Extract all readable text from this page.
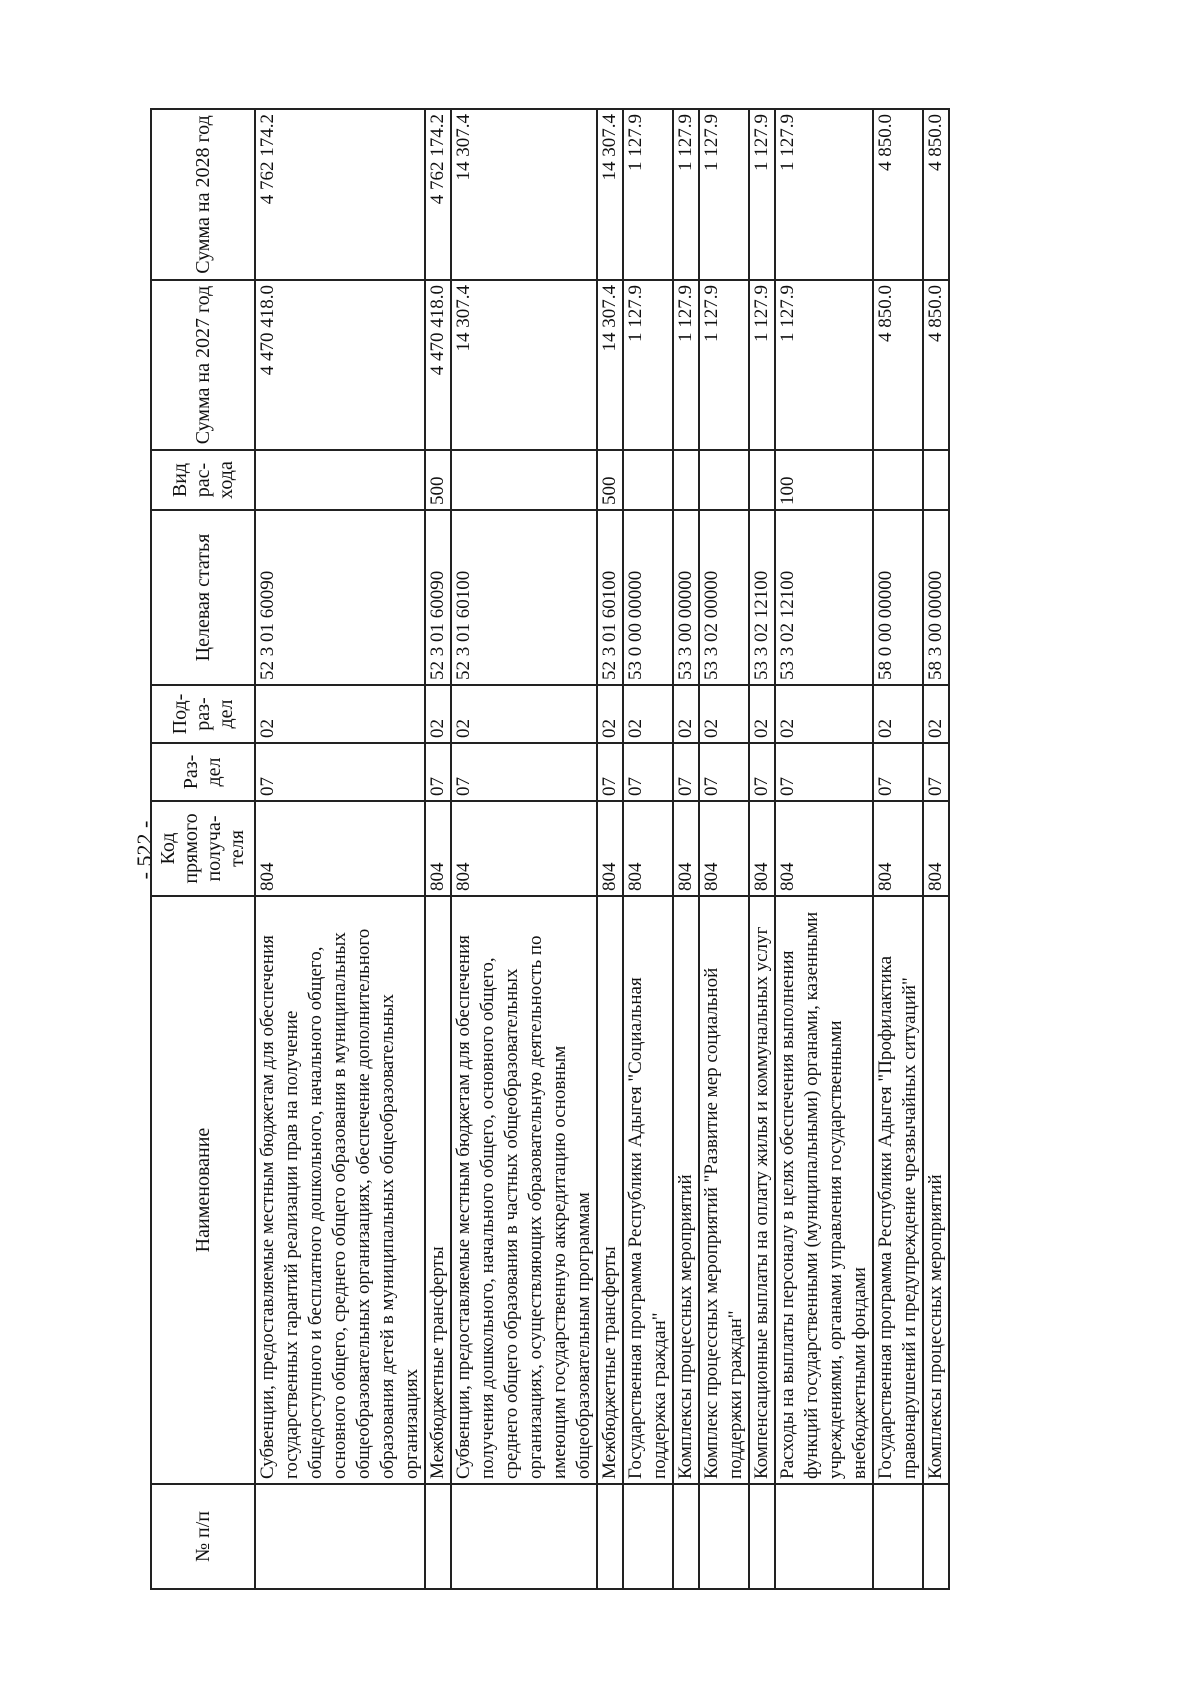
- 522 -
№ п/п	Наименование	Код прямого получа-теля	Раз-дел	Под-раз-дел	Целевая статья	Вид рас-хода	Сумма на 2027 год	Сумма на 2028 год
	Субвенции, предоставляемые местным бюджетам для обеспечения государственных гарантий реализации прав на получение общедоступного и бесплатного дошкольного, начального общего, основного общего, среднего общего образования в муниципальных общеобразовательных организациях, обеспечение дополнительного образования детей в муниципальных общеобразовательных организациях	804	07	02	52 3 01 60090		4 470 418.0	4 762 174.2
	Межбюджетные трансферты	804	07	02	52 3 01 60090	500	4 470 418.0	4 762 174.2
	Субвенции, предоставляемые местным бюджетам для обеспечения получения дошкольного, начального общего, основного общего, среднего общего образования в частных общеобразовательных организациях, осуществляющих образовательную деятельность по имеющим государственную аккредитацию основным общеобразовательным программам	804	07	02	52 3 01 60100		14 307.4	14 307.4
	Межбюджетные трансферты	804	07	02	52 3 01 60100	500	14 307.4	14 307.4
	Государственная программа Республики Адыгея "Социальная поддержка граждан"	804	07	02	53 0 00 00000		1 127.9	1 127.9
	Комплексы процессных мероприятий	804	07	02	53 3 00 00000		1 127.9	1 127.9
	Комплекс процессных мероприятий "Развитие мер социальной поддержки граждан"	804	07	02	53 3 02 00000		1 127.9	1 127.9
	Компенсационные выплаты на оплату жилья и коммунальных услуг	804	07	02	53 3 02 12100		1 127.9	1 127.9
	Расходы на выплаты персоналу в целях обеспечения выполнения функций государственными (муниципальными) органами, казенными учреждениями, органами управления государственными внебюджетными фондами	804	07	02	53 3 02 12100	100	1 127.9	1 127.9
	Государственная программа Республики Адыгея "Профилактика правонарушений и предупреждение чрезвычайных ситуаций"	804	07	02	58 0 00 00000		4 850.0	4 850.0
	Комплексы процессных мероприятий	804	07	02	58 3 00 00000		4 850.0	4 850.0
